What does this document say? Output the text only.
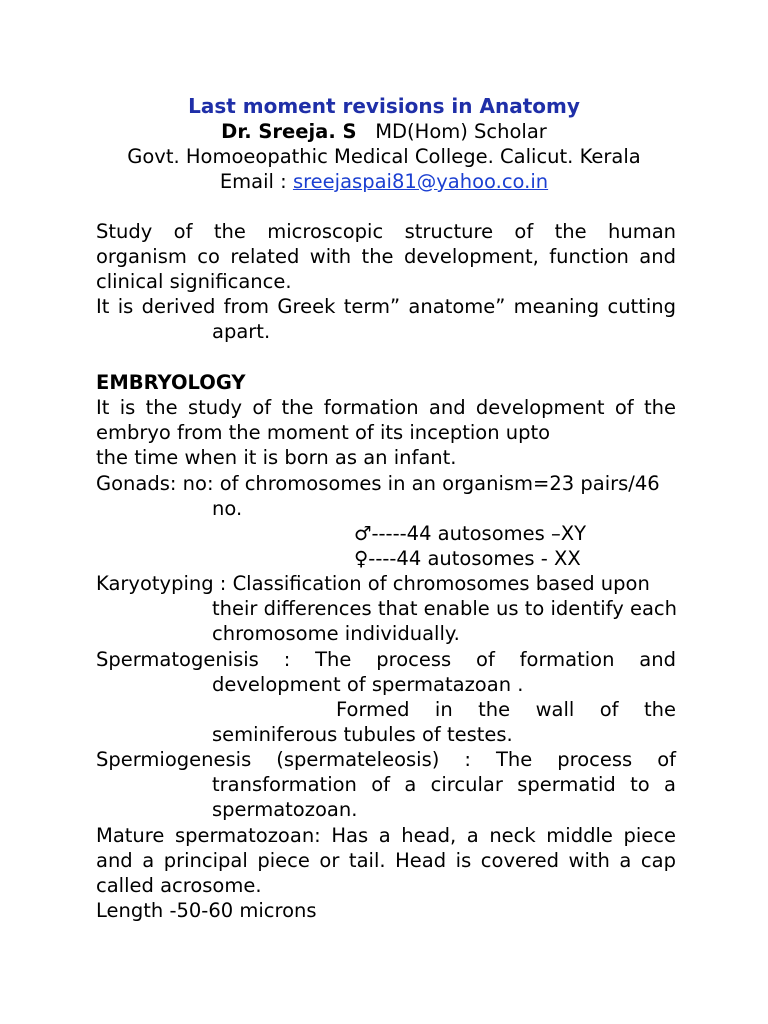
Last moment revisions in Anatomy
Dr. Sreeja. S MD(Hom) Scholar
Govt. Homoeopathic Medical College. Calicut. Kerala
Email : sreejaspai81@yahoo.co.in
Study of the microscopic structure of the human
organism co related with the development, function and
clinical significance.
It is derived from Greek term” anatome” meaning cutting
apart.
EMBRYOLOGY
It is the study of the formation and development of the
embryo from the moment of its inception upto
the time when it is born as an infant.
Gonads: no: of chromosomes in an organism=23 pairs/46
no.
♂-----44 autosomes –XY
♀----44 autosomes - XX
Karyotyping : Classification of chromosomes based upon
their differences that enable us to identify each
chromosome individually.
Spermatogenisis : The process of formation and
development of spermatazoan .
Formed in the wall of the
seminiferous tubules of testes.
Spermiogenesis (spermateleosis) : The process of
transformation of a circular spermatid to a
spermatozoan.
Mature spermatozoan: Has a head, a neck middle piece
and a principal piece or tail. Head is covered with a cap
called acrosome.
Length -50-60 microns
